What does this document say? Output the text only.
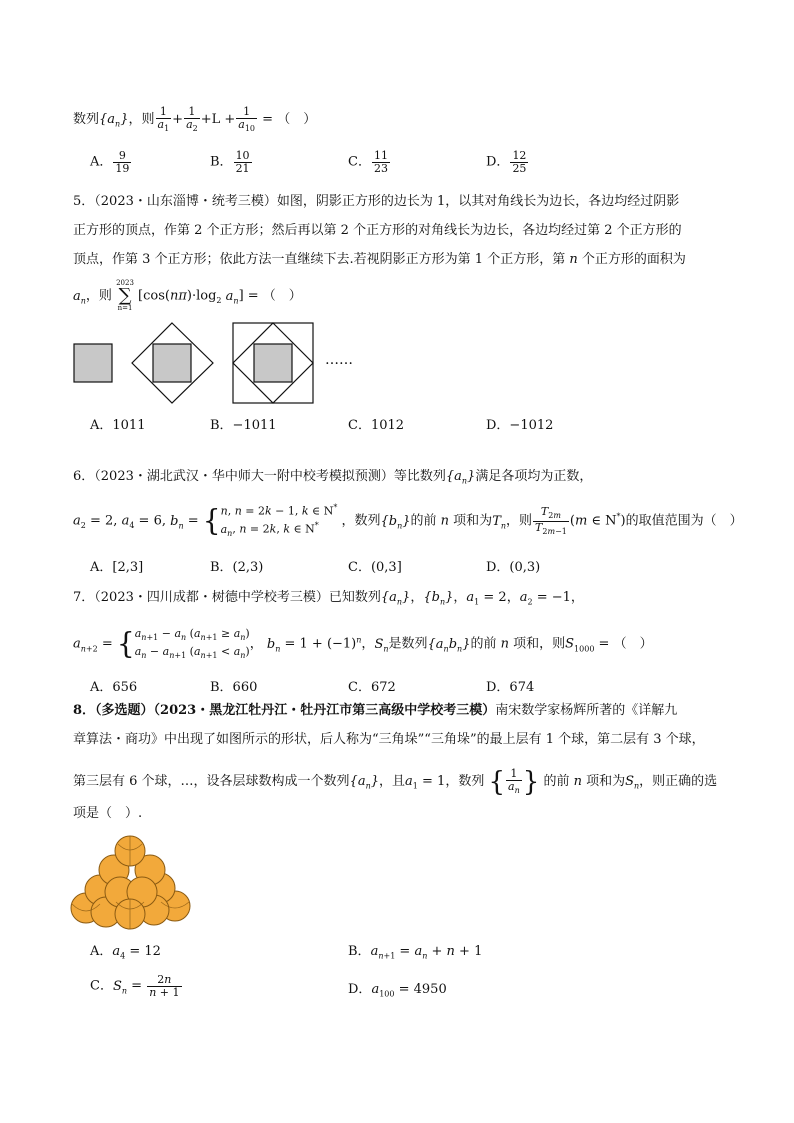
数列$\{a_n\}$，则 $\frac{1}{a_1} + \frac{1}{a_2} +L + \frac{1}{a_{10}}$ = （　）
A． $\frac{9}{19}$	B． $\frac{10}{21}$	C． $\frac{11}{23}$	D． $\frac{12}{25}$
5．（2023・山东淄博・统考三模）如图，阴影正方形的边长为 1，以其对角线长为边长，各边均经过阴影
正方形的顶点，作第 2 个正方形；然后再以第 2 个正方形的对角线长为边长，各边均经过第 2 个正方形的
顶点，作第 3 个正方形；依此方法一直继续下去.若视阴影正方形为第 1 个正方形，第 n 个正方形的面积为
$a_n$，则 2023
∑
n=1 [$\cos(n\pi)\cdot\log_2$ $a_n$] = （　）
……
A．1011	B．−1011	C．1012	D．−1012
6．（2023・湖北武汉・华中师大一附中校考模拟预测）等比数列$\{a_n\}$满足各项均为正数，
$a_2 = 2$, $a_4 = 6$, $b_n$ = { n, n = 2k − 1, k ∈ N*
$a_n$, n = 2k, k ∈ N*	，数列$\{b_n\}$的前 n 项和为$T_n$，则 $\frac{T_{2m}}{T_{2m-1}} (m$ ∈ N*)的取值范围为（　）
A．[2,3]	B．(2,3)	C．(0,3]	D．(0,3)
7．（2023・四川成都・树德中学校考三模）已知数列$\{a_n\}$，$\{b_n\}$，$a_1 = 2$，$a_2 = -1$，
$a_{n+2}$ = { $a_{n+1} - a_n$ $(a_{n+1} \ge a_n)$
$a_n - a_{n+1}$ $(a_{n+1} < a_n)$ ， $b_n = 1 + (-1)^n$，$S_n$是数列$\{a_nb_n\}$的前 n 项和，则$S_{1000}$ = （　）
A．656	B．660	C．672	D．674
8．（多选题）（2023・黑龙江牡丹江・牡丹江市第三高级中学校考三模）南宋数学家杨辉所著的《详解九
章算法・商功》中出现了如图所示的形状，后人称为“三角垛”“三角垛”的最上层有 1 个球，第二层有 3 个球，
第三层有 6 个球，…，设各层球数构成一个数列$\{a_n\}$，且$a_1 = 1$，数列 { $\frac{1}{a_n}$ } 的前 n 项和为$S_n$，则正确的选
项是（　）.
A．$a_4 = 12$	B．$a_{n+1} = a_n + n + 1$
C．$S_n = \frac{2n}{n + 1}$	D．$a_{100} = 4950$
